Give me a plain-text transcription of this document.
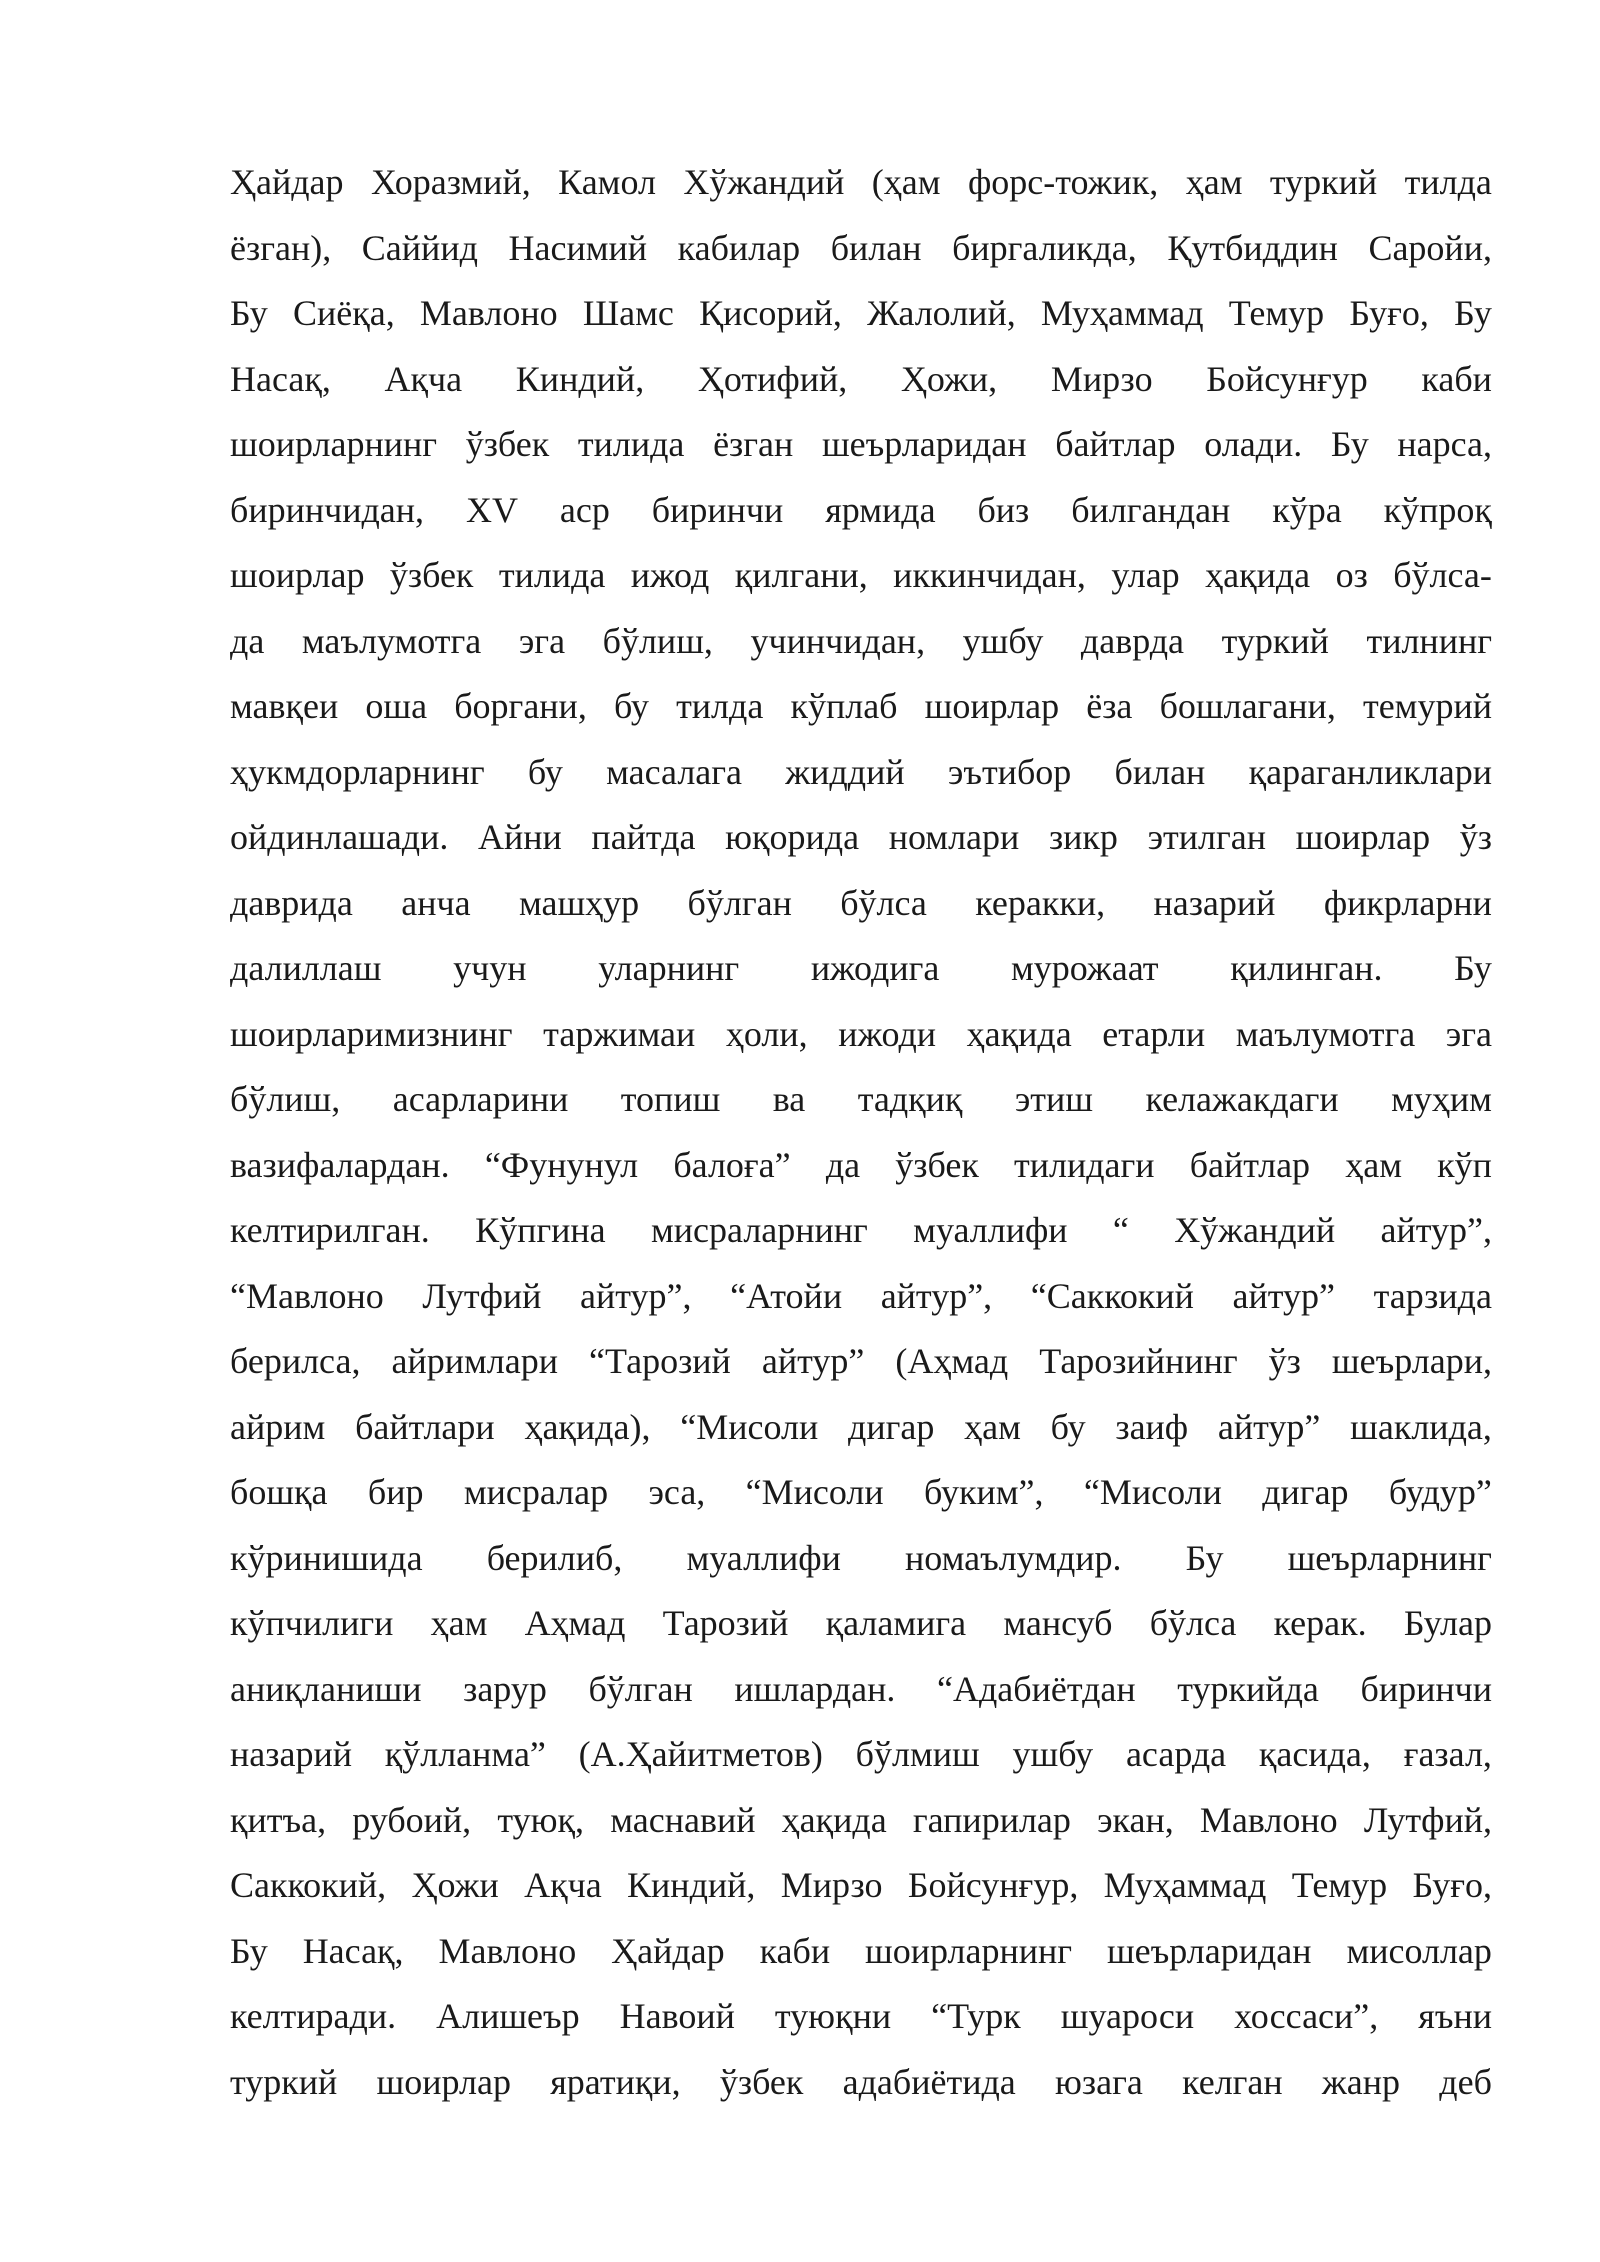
Ҳайдар Хоразмий, Камол Хўжандий (ҳам форс-тожик, ҳам туркий тилда
ёзган), Саййид Насимий кабилар билан биргаликда, Қутбиддин Саройи,
Бу Сиёқа, Мавлоно Шамс Қисорий, Жалолий, Муҳаммад Темур Буғо, Бу
Насақ, Ақча Киндий, Ҳотифий, Ҳожи, Мирзо Бойсунғур каби
шоирларнинг ўзбек тилида ёзган шеърларидан байтлар олади. Бу нарса,
биринчидан, XV аср биринчи ярмида биз билгандан кўра кўпроқ
шоирлар ўзбек тилида ижод қилгани, иккинчидан, улар ҳақида оз бўлса-
да маълумотга эга бўлиш, учинчидан, ушбу даврда туркий тилнинг
мавқеи оша боргани, бу тилда кўплаб шоирлар ёза бошлагани, темурий
ҳукмдорларнинг бу масалага жиддий эътибор билан қараганликлари
ойдинлашади. Айни пайтда юқорида номлари зикр этилган шоирлар ўз
даврида анча машҳур бўлган бўлса керакки, назарий фикрларни
далиллаш учун уларнинг ижодига мурожаат қилинган. Бу
шоирларимизнинг таржимаи ҳоли, ижоди ҳақида етарли маълумотга эга
бўлиш, асарларини топиш ва тадқиқ этиш келажакдаги муҳим
вазифалардан. “Фунунул балоға” да ўзбек тилидаги байтлар ҳам кўп
келтирилган. Кўпгина мисраларнинг муаллифи “ Хўжандий айтур”,
“Мавлоно Лутфий айтур”, “Атойи айтур”, “Саккокий айтур” тарзида
берилса, айримлари “Тарозий айтур” (Аҳмад Тарозийнинг ўз шеърлари,
айрим байтлари ҳақида), “Мисоли дигар ҳам бу заиф айтур” шаклида,
бошқа бир мисралар эса, “Мисоли буким”, “Мисоли дигар будур”
кўринишида берилиб, муаллифи номаълумдир. Бу шеърларнинг
кўпчилиги ҳам Аҳмад Тарозий қаламига мансуб бўлса керак. Булар
аниқланиши зарур бўлган ишлардан. “Адабиётдан туркийда биринчи
назарий қўлланма” (А.Ҳайитметов) бўлмиш ушбу асарда қасида, ғазал,
қитъа, рубоий, туюқ, маснавий ҳақида гапирилар экан, Мавлоно Лутфий,
Саккокий, Ҳожи Ақча Киндий, Мирзо Бойсунғур, Муҳаммад Темур Буғо,
Бу Насақ, Мавлоно Ҳайдар каби шоирларнинг шеърларидан мисоллар
келтиради. Алишеър Навоий туюқни “Турк шуароси хоссаси”, яъни
туркий шоирлар яратиқи, ўзбек адабиётида юзага келган жанр деб
